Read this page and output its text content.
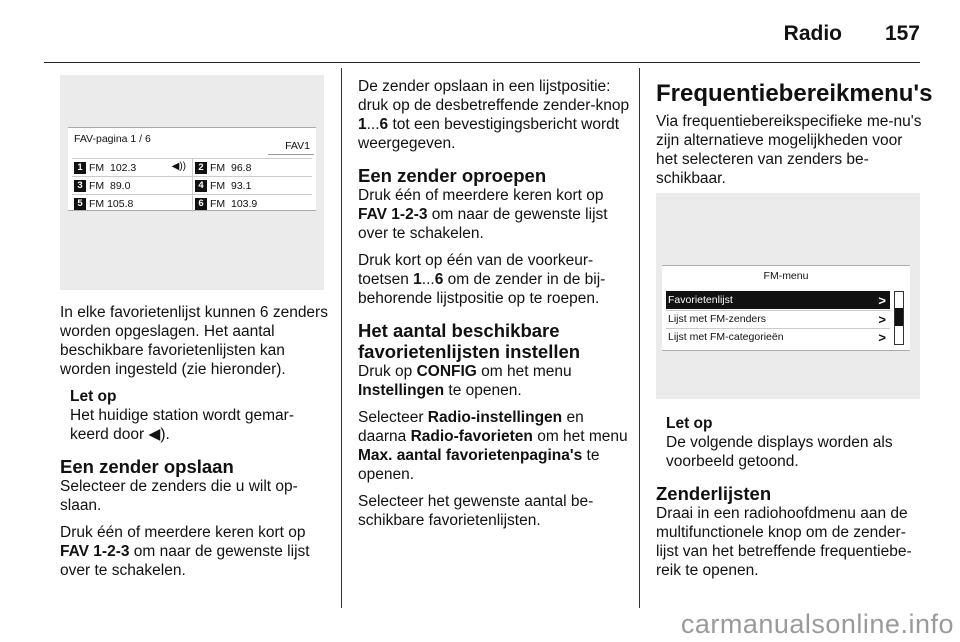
Radio 157
FAV-pagina 1 / 6
FAV1
1 FM  102.3	◀))	2 FM  96.8
3 FM  89.0	4 FM  93.1
5 FM 105.8	6 FM  103.9

In elke favorietenlijst kunnen 6 zenders worden opgeslagen. Het aantal beschikbare favorietenlijsten kan worden ingesteld (zie hieronder).

Let op
Het huidige station wordt gemar-keerd door ◀).
Een zender opslaan

Selecteer de zenders die u wilt op-slaan.

Druk één of meerdere keren kort op FAV 1-2-3 om naar de gewenste lijst over te schakelen.

De zender opslaan in een lijstpositie: druk op de desbetreffende zender-knop 1...6 tot een bevestigingsbericht wordt weergegeven.

Een zender oproepen

Druk één of meerdere keren kort op FAV 1-2-3 om naar de gewenste lijst over te schakelen.

Druk kort op één van de voorkeur-toetsen 1...6 om de zender in de bij-behorende lijstpositie op te roepen.

Het aantal beschikbare favorietenlijsten instellen

Druk op CONFIG om het menu Instellingen te openen.

Selecteer Radio-instellingen en daarna Radio-favorieten om het menu Max. aantal favorietenpagina's te openen.

Selecteer het gewenste aantal be-schikbare favorietenlijsten.

Frequentiebereikmenu's

Via frequentiebereikspecifieke me-nu's zijn alternatieve mogelijkheden voor het selecteren van zenders be-schikbaar.

FM-menu
Favorietenlijst	>
Lijst met FM-zenders	>
Lijst met FM-categorieën	>
Let op
De volgende displays worden als voorbeeld getoond.
Zenderlijsten

Draai in een radiohoofdmenu aan de multifunctionele knop om de zender-lijst van het betreffende frequentiebe-reik te openen.

carmanualsonline.info
